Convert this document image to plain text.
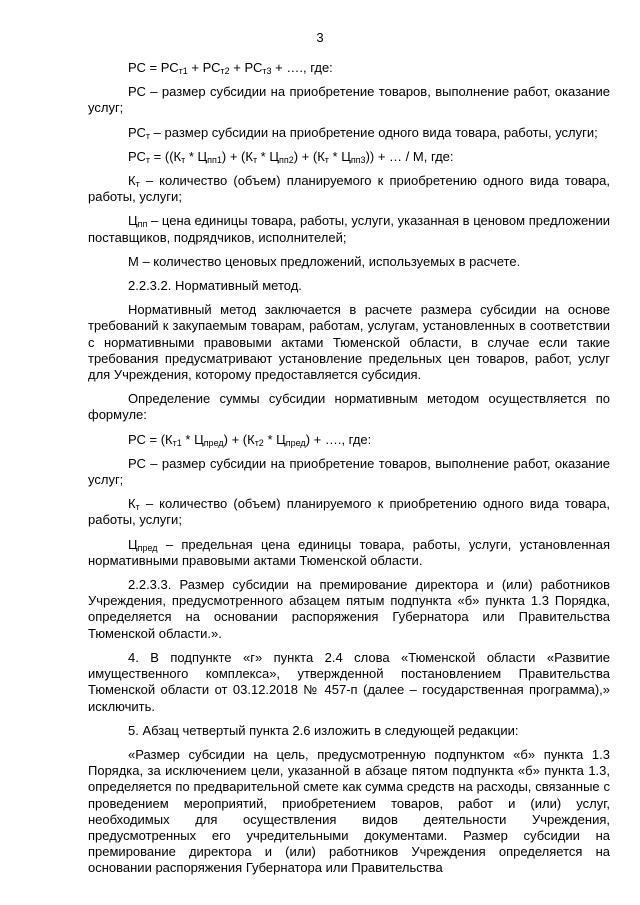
3

РС = $РС_{т1} + РС_{т2} + РС_{т3}$ + …., где:

РС – размер субсидии на приобретение товаров, выполнение работ, оказание услуг;

$РС_т$ – размер субсидии на приобретение одного вида товара, работы, услуги;

$РС_т = ((К_т * Ц_{пп1}) + (К_т * Ц_{пп2}) + (К_т * Ц_{пп3}))$ + … / М, где:

$К_т$ – количество (объем) планируемого к приобретению одного вида товара, работы, услуги;

$Ц_{пп}$ – цена единицы товара, работы, услуги, указанная в ценовом предложении поставщиков, подрядчиков, исполнителей;

М – количество ценовых предложений, используемых в расчете.

2.2.3.2. Нормативный метод.

Нормативный метод заключается в расчете размера субсидии на основе требований к закупаемым товарам, работам, услугам, установленных в соответствии с нормативными правовыми актами Тюменской области, в случае если такие требования предусматривают установление предельных цен товаров, работ, услуг для Учреждения, которому предоставляется субсидия.

Определение суммы субсидии нормативным методом осуществляется по формуле:

РС = $(К_{т1} * Ц_{пред}) + (К_{т2} * Ц_{пред})$ + …., где:

РС – размер субсидии на приобретение товаров, выполнение работ, оказание услуг;

$К_т$ – количество (объем) планируемого к приобретению одного вида товара, работы, услуги;

$Ц_{пред}$ – предельная цена единицы товара, работы, услуги, установленная нормативными правовыми актами Тюменской области.

2.2.3.3. Размер субсидии на премирование директора и (или) работников Учреждения, предусмотренного абзацем пятым подпункта «б» пункта 1.3 Порядка, определяется на основании распоряжения Губернатора или Правительства Тюменской области.».

4. В подпункте «г» пункта 2.4 слова «Тюменской области «Развитие имущественного комплекса», утвержденной постановлением Правительства Тюменской области от 03.12.2018 № 457-п (далее – государственная программа),» исключить.

5. Абзац четвертый пункта 2.6 изложить в следующей редакции:

«Размер субсидии на цель, предусмотренную подпунктом «б» пункта 1.3 Порядка, за исключением цели, указанной в абзаце пятом подпункта «б» пункта 1.3, определяется по предварительной смете как сумма средств на расходы, связанные с проведением мероприятий, приобретением товаров, работ и (или) услуг, необходимых для осуществления видов деятельности Учреждения, предусмотренных его учредительными документами. Размер субсидии на премирование директора и (или) работников Учреждения определяется на основании распоряжения Губернатора или Правительства
